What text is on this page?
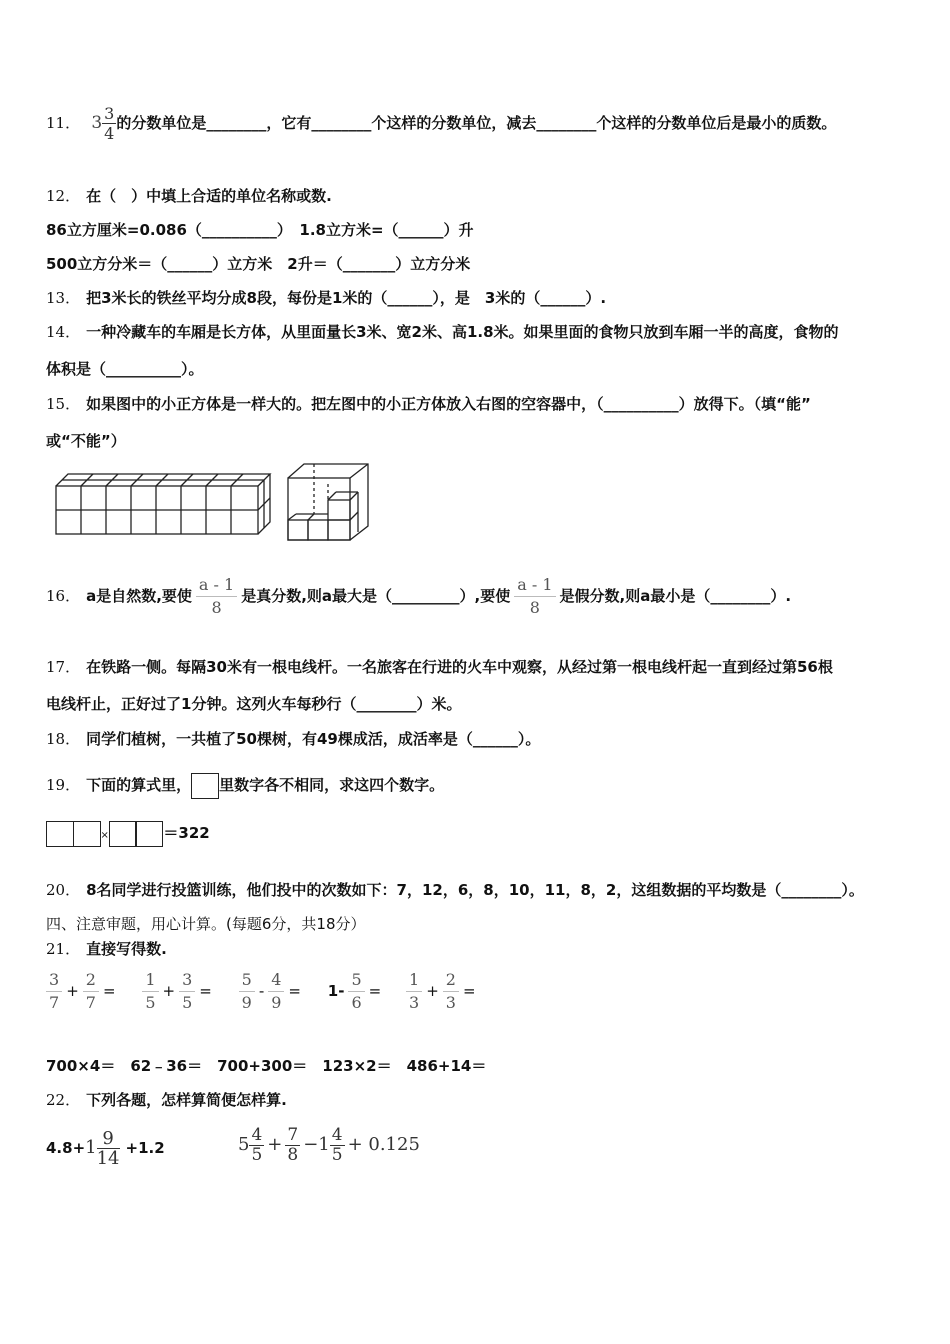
11． $3 \frac{3}{4}$ 的分数单位是________，它有________个这样的分数单位，减去________个这样的分数单位后是最小的质数。
12． 在（　）中填上合适的单位名称或数.
86立方厘米=0.086（__________）　1.8立方米=（______）升
500立方分米＝（______）立方米　2升＝（_______）立方分米
13． 把3米长的铁丝平均分成8段，每份是1米的（______），是　3米的（______）.
14． 一种冷藏车的车厢是长方体，从里面量长3米、宽2米、高1.8米。如果里面的食物只放到车厢一半的高度，食物的
体积是（__________）。
15． 如果图中的小正方体是一样大的。把左图中的小正方体放入右图的空容器中，（__________）放得下。（填“能”
或“不能”）
16． a是自然数,要使 $\frac{a - 1}{8}$ 是真分数,则a最大是（_________）,要使 $\frac{a - 1}{8}$ 是假分数,则a最小是（________）.
17． 在铁路一侧。每隔30米有一根电线杆。一名旅客在行进的火车中观察，从经过第一根电线杆起一直到经过第56根
电线杆止，正好过了1分钟。这列火车每秒行（________）米。
18． 同学们植树，一共植了50棵树，有49棵成活，成活率是（______）。
19． 下面的算式里， 里数字各不相同，求这四个数字。
×	＝322
20． 8名同学进行投篮训练，他们投中的次数如下：7，12，6，8，10，11，8，2，这组数据的平均数是（________）。
四、注意审题，用心计算。(每题6分，共18分）
21． 直接写得数.
$\frac{3}{7} + \frac{2}{7} = \frac{1}{5} + \frac{3}{5} = \frac{5}{9} - \frac{4}{9} = 1- \frac{5}{6} = \frac{1}{3} + \frac{2}{3}$ =
700×4＝　62﹣36＝　700+300＝　123×2＝　486+14＝
22． 下列各题，怎样算简便怎样算.
$4.8+1 \frac{9}{14} +1.2$	$5 \frac{4}{5} + \frac{7}{8} -1 \frac{4}{5} + 0.125$
